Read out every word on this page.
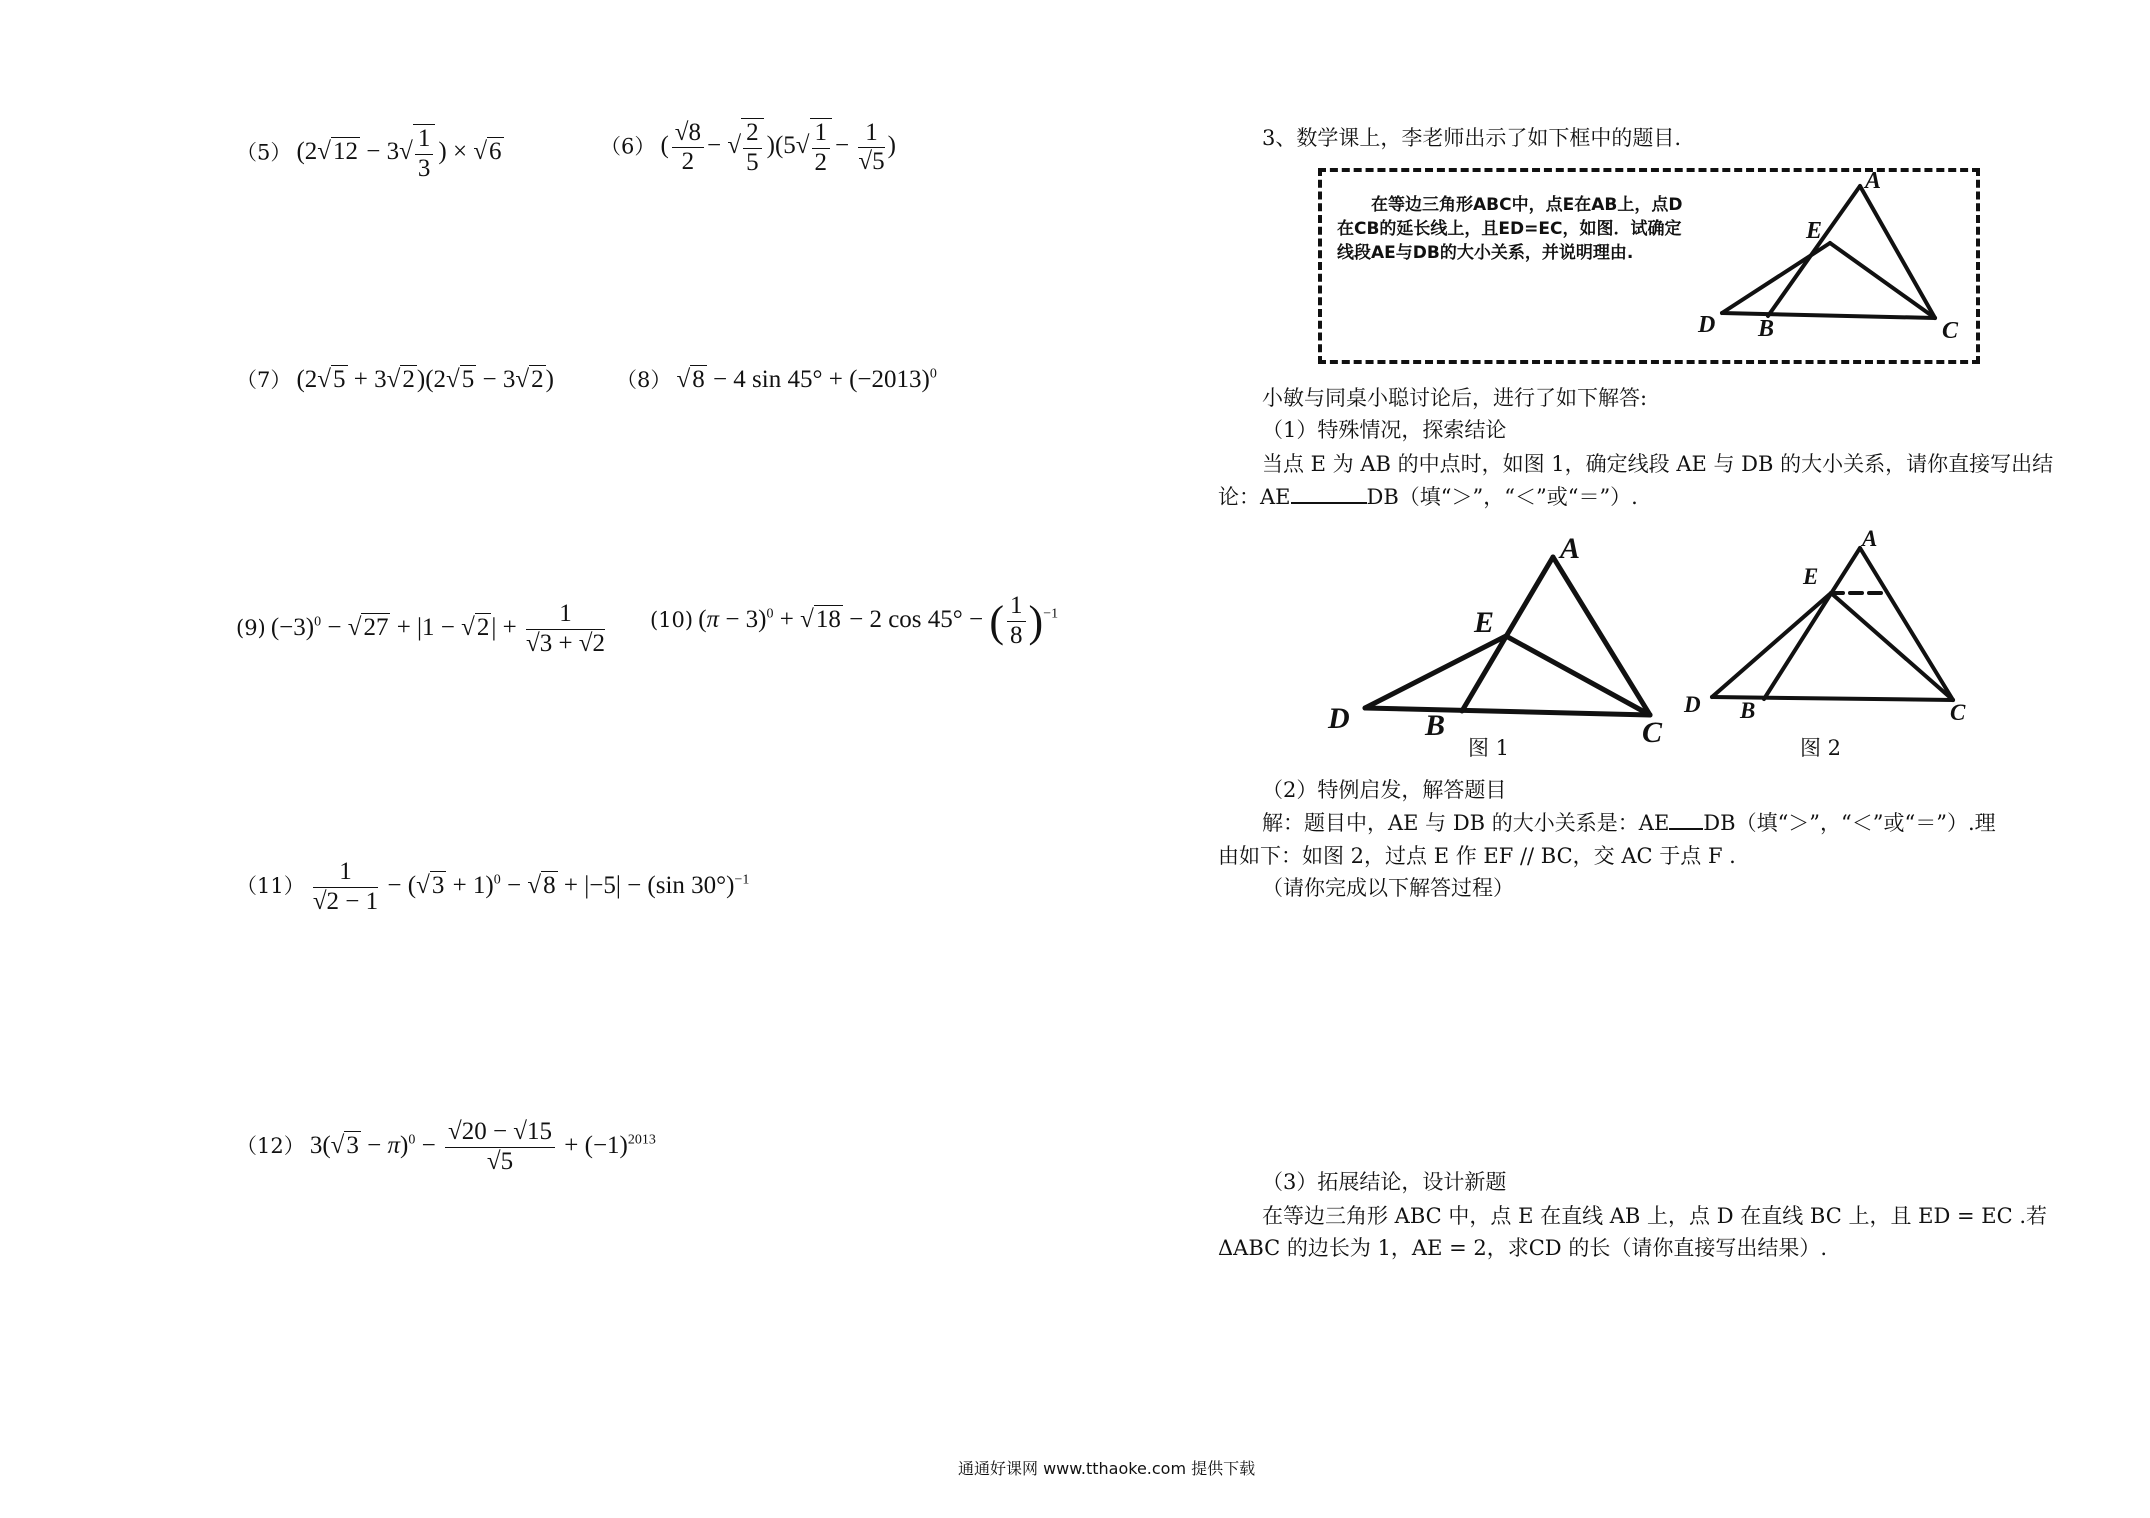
（5） ($2√12 - 3√ \frac{1}{3}$ ) × √6	（6） ( $\frac{√8}{2}$ − √ $\frac{2}{5} )(5√ \frac{1}{2} - \frac{1}{√5}$ )
（7） (2√5 + 3√2)(2√5 − 3√2)	（8） √8 − 4 $\sin 45^\circ + (-2013)^0$
(9) $(-3)^0 - √27 + |1 - √2| + \frac{1}{√3 + √2} (10) (\pi - 3)^0 + √18 - 2$ cos 45° − ( $\frac{1}{8} )^{-1}$
$(11) \frac{1}{√2 - 1} - (√3 + 1)^0 - √8 + |-5| - (\sin$ 30°)$^{-1}$
（12） $3(√3 - \pi)^0 - \frac{√20 - √15}{√5} + (-1)^{2013}$
3、数学课上，李老师出示了如下框中的题目.
在等边三角形ABC中，点E在AB上，点D在CB的延长线上，且ED=EC，如图．试确定线段AE与DB的大小关系，并说明理由.
A
E
D B	C
A
E
D	B	C
A
E
D B	C
小敏与同桌小聪讨论后，进行了如下解答:
（1）特殊情况，探索结论
当点 E 为 AB 的中点时，如图 1，确定线段 AE 与 DB 的大小关系，请你直接写出结
论：AE	DB（填“＞”，“＜”或“＝”）.
图 1	图 2
（2）特例启发，解答题目
解：题目中，AE 与 DB 的大小关系是：AE DB（填“＞”，“＜”或“＝”）.理
由如下：如图 2，过点 E 作 EF // BC，交 AC 于点 F .
（请你完成以下解答过程）
（3）拓展结论，设计新题
在等边三角形 ABC 中，点 E 在直线 AB 上，点 D 在直线 BC 上，且 ED = EC .若
ΔABC 的边长为 1，AE = 2，求CD 的长（请你直接写出结果）.
通通好课网 www.tthaoke.com 提供下载
